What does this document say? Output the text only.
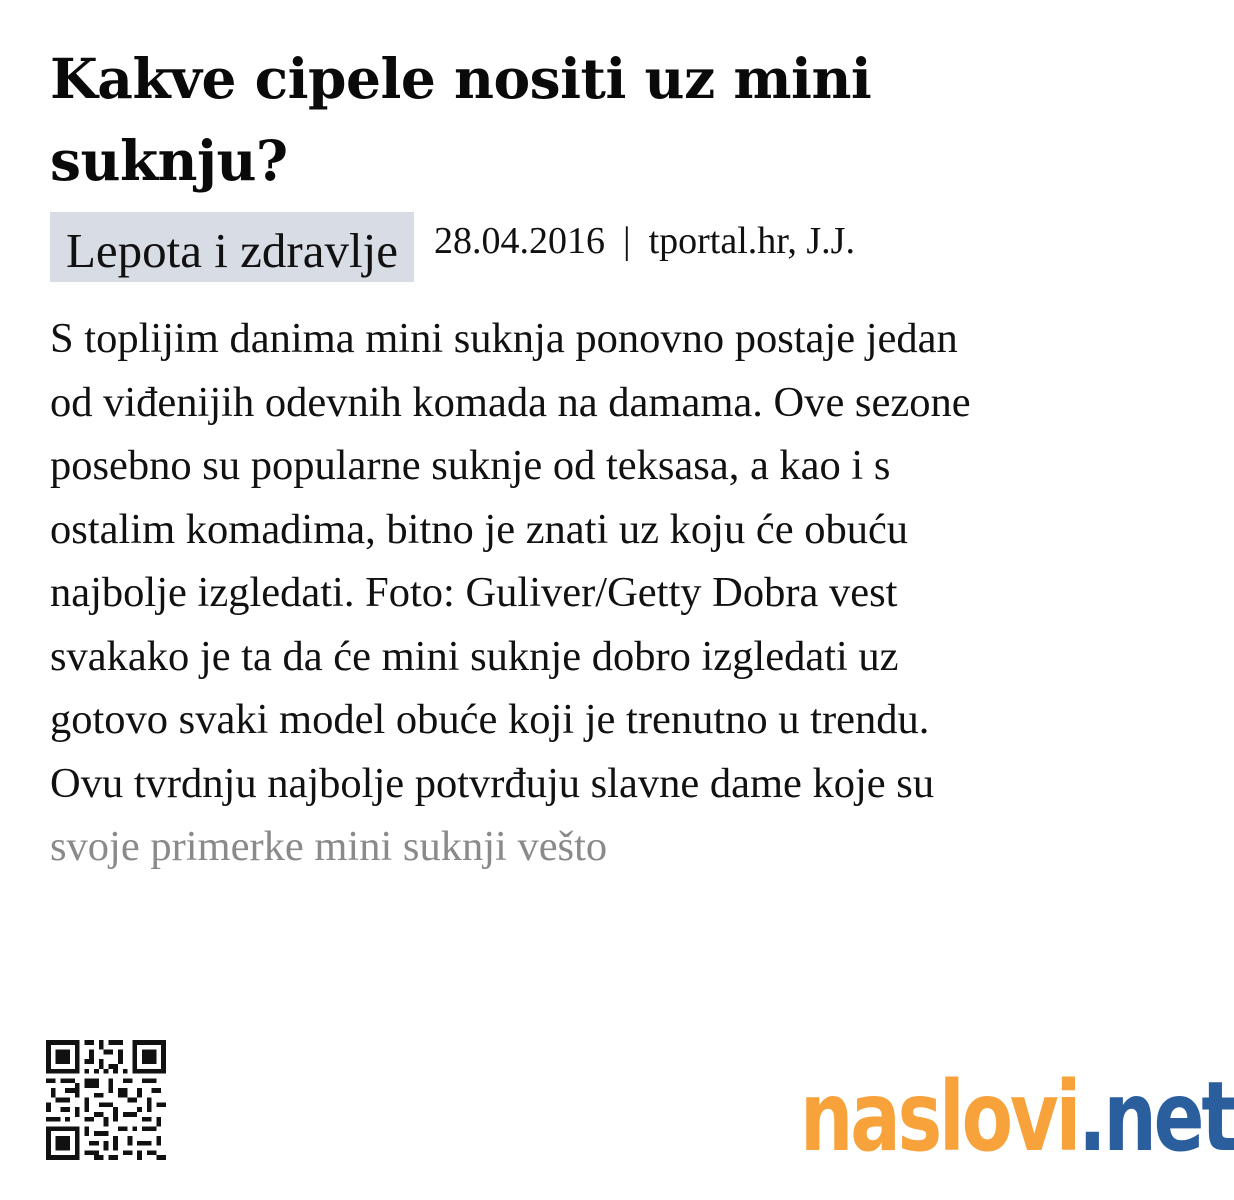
Kakve cipele nositi uz mini suknju?
Lepota i zdravlje 28.04.2016 | tportal.hr, J.J.
S toplijim danima mini suknja ponovno postaje jedan
od viđenijih odevnih komada na damama. Ove sezone
posebno su popularne suknje od teksasa, a kao i s
ostalim komadima, bitno je znati uz koju će obuću
najbolje izgledati. Foto: Guliver/Getty Dobra vest
svakako je ta da će mini suknje dobro izgledati uz
gotovo svaki model obuće koji je trenutno u trendu.
Ovu tvrdnju najbolje potvrđuju slavne dame koje su
svoje primerke mini suknji vešto
naslovi .net
